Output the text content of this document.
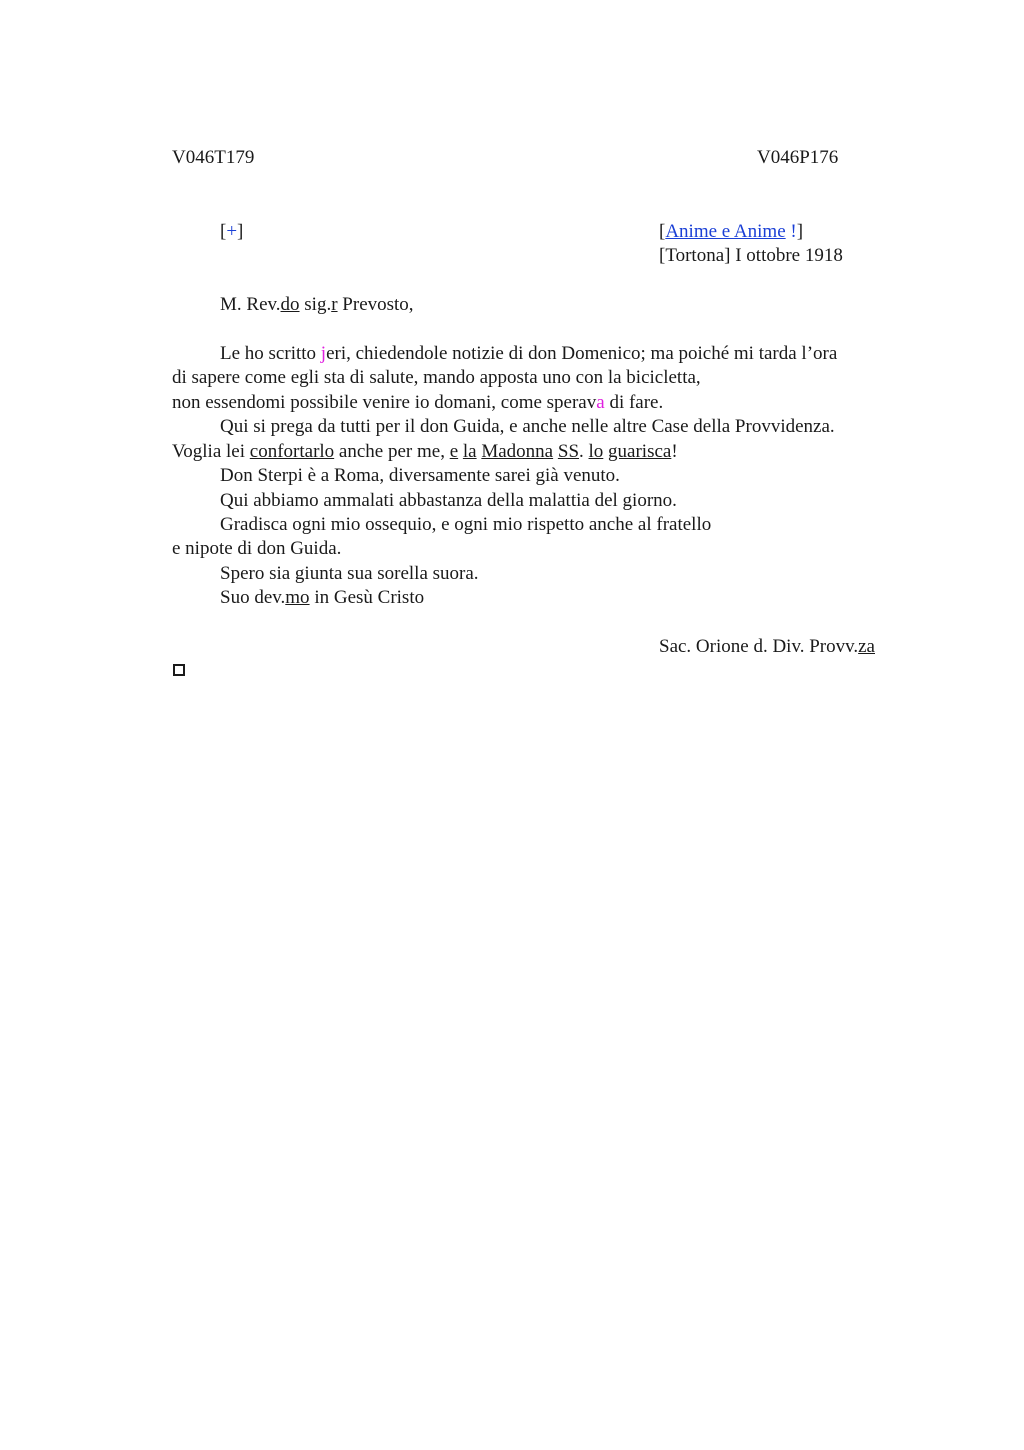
V046T179	V046P176
[+]	[Anime e Anime !]
[Tortona] I ottobre 1918
M. Rev.do sig.r Prevosto,
Le ho scritto jeri, chiedendole notizie di don Domenico; ma poiché mi tarda l’ora
di sapere come egli sta di salute, mando apposta uno con la bicicletta,
non essendomi possibile venire io domani, come sperava di fare.
Qui si prega da tutti per il don Guida, e anche nelle altre Case della Provvidenza.
Voglia lei confortarlo anche per me, e la Madonna SS. lo guarisca!
Don Sterpi è a Roma, diversamente sarei già venuto.
Qui abbiamo ammalati abbastanza della malattia del giorno.
Gradisca ogni mio ossequio, e ogni mio rispetto anche al fratello
e nipote di don Guida.
Spero sia giunta sua sorella suora.
Suo dev.mo in Gesù Cristo
Sac. Orione d. Div. Provv.za
